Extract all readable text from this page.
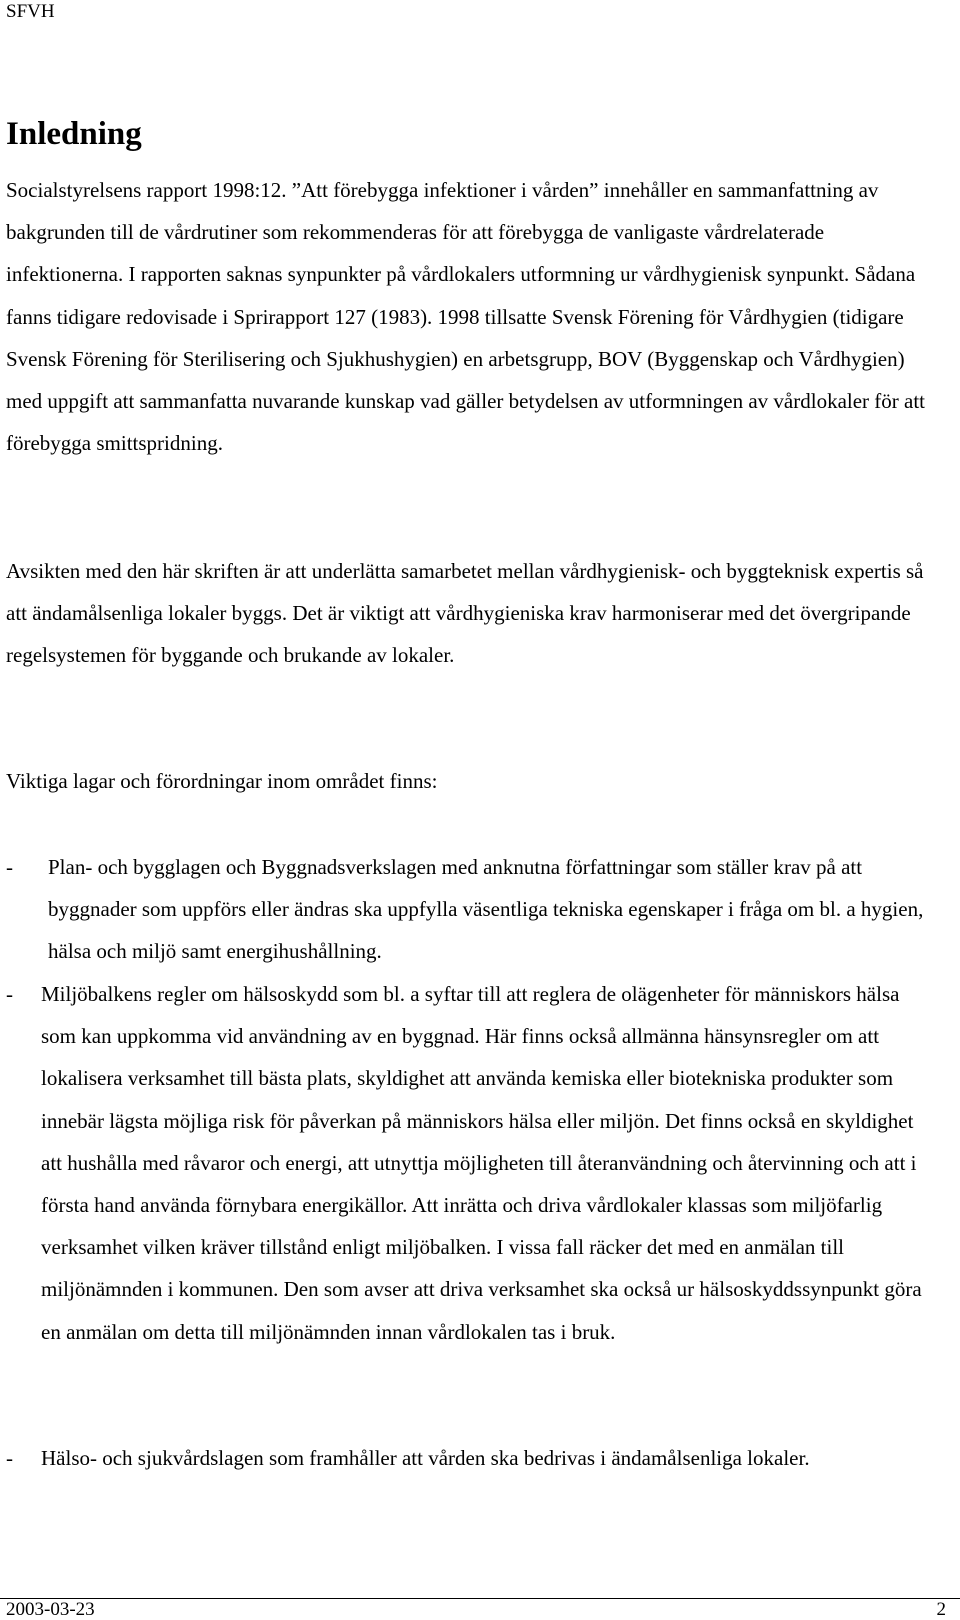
SFVH
Inledning

Socialstyrelsens rapport 1998:12. ”Att förebygga infektioner i vården” innehåller en sammanfattning av bakgrunden till de vårdrutiner som rekommenderas för att förebygga de vanligaste vårdrelaterade infektionerna. I rapporten saknas synpunkter på vårdlokalers utformning ur vårdhygienisk synpunkt. Sådana fanns tidigare redovisade i Sprirapport 127 (1983). 1998 tillsatte Svensk Förening för Vårdhygien (tidigare Svensk Förening för Sterilisering och Sjukhushygien) en arbetsgrupp, BOV (Byggenskap och Vårdhygien) med uppgift att sammanfatta nuvarande kunskap vad gäller betydelsen av utformningen av vårdlokaler för att förebygga smittspridning.

Avsikten med den här skriften är att underlätta samarbetet mellan vårdhygienisk- och byggteknisk expertis så att ändamålsenliga lokaler byggs. Det är viktigt att vårdhygieniska krav harmoniserar med det övergripande regelsystemen för byggande och brukande av lokaler.

Viktiga lagar och förordningar inom området finns:

- Plan- och bygglagen och Byggnadsverkslagen med anknutna författningar som ställer krav på att byggnader som uppförs eller ändras ska uppfylla väsentliga tekniska egenskaper i fråga om bl. a hygien, hälsa och miljö samt energihushållning.
- Miljöbalkens regler om hälsoskydd som bl. a syftar till att reglera de olägenheter för människors hälsa som kan uppkomma vid användning av en byggnad. Här finns också allmänna hänsynsregler om att lokalisera verksamhet till bästa plats, skyldighet att använda kemiska eller biotekniska produkter som innebär lägsta möjliga risk för påverkan på människors hälsa eller miljön. Det finns också en skyldighet att hushålla med råvaror och energi, att utnyttja möjligheten till återanvändning och återvinning och att i första hand använda förnybara energikällor. Att inrätta och driva vårdlokaler klassas som miljöfarlig verksamhet vilken kräver tillstånd enligt miljöbalken. I vissa fall räcker det med en anmälan till miljönämnden i kommunen. Den som avser att driva verksamhet ska också ur hälsoskyddssynpunkt göra en anmälan om detta till miljönämnden innan vårdlokalen tas i bruk.
- Hälso- och sjukvårdslagen som framhåller att vården ska bedrivas i ändamålsenliga lokaler.
2003-03-23	2
